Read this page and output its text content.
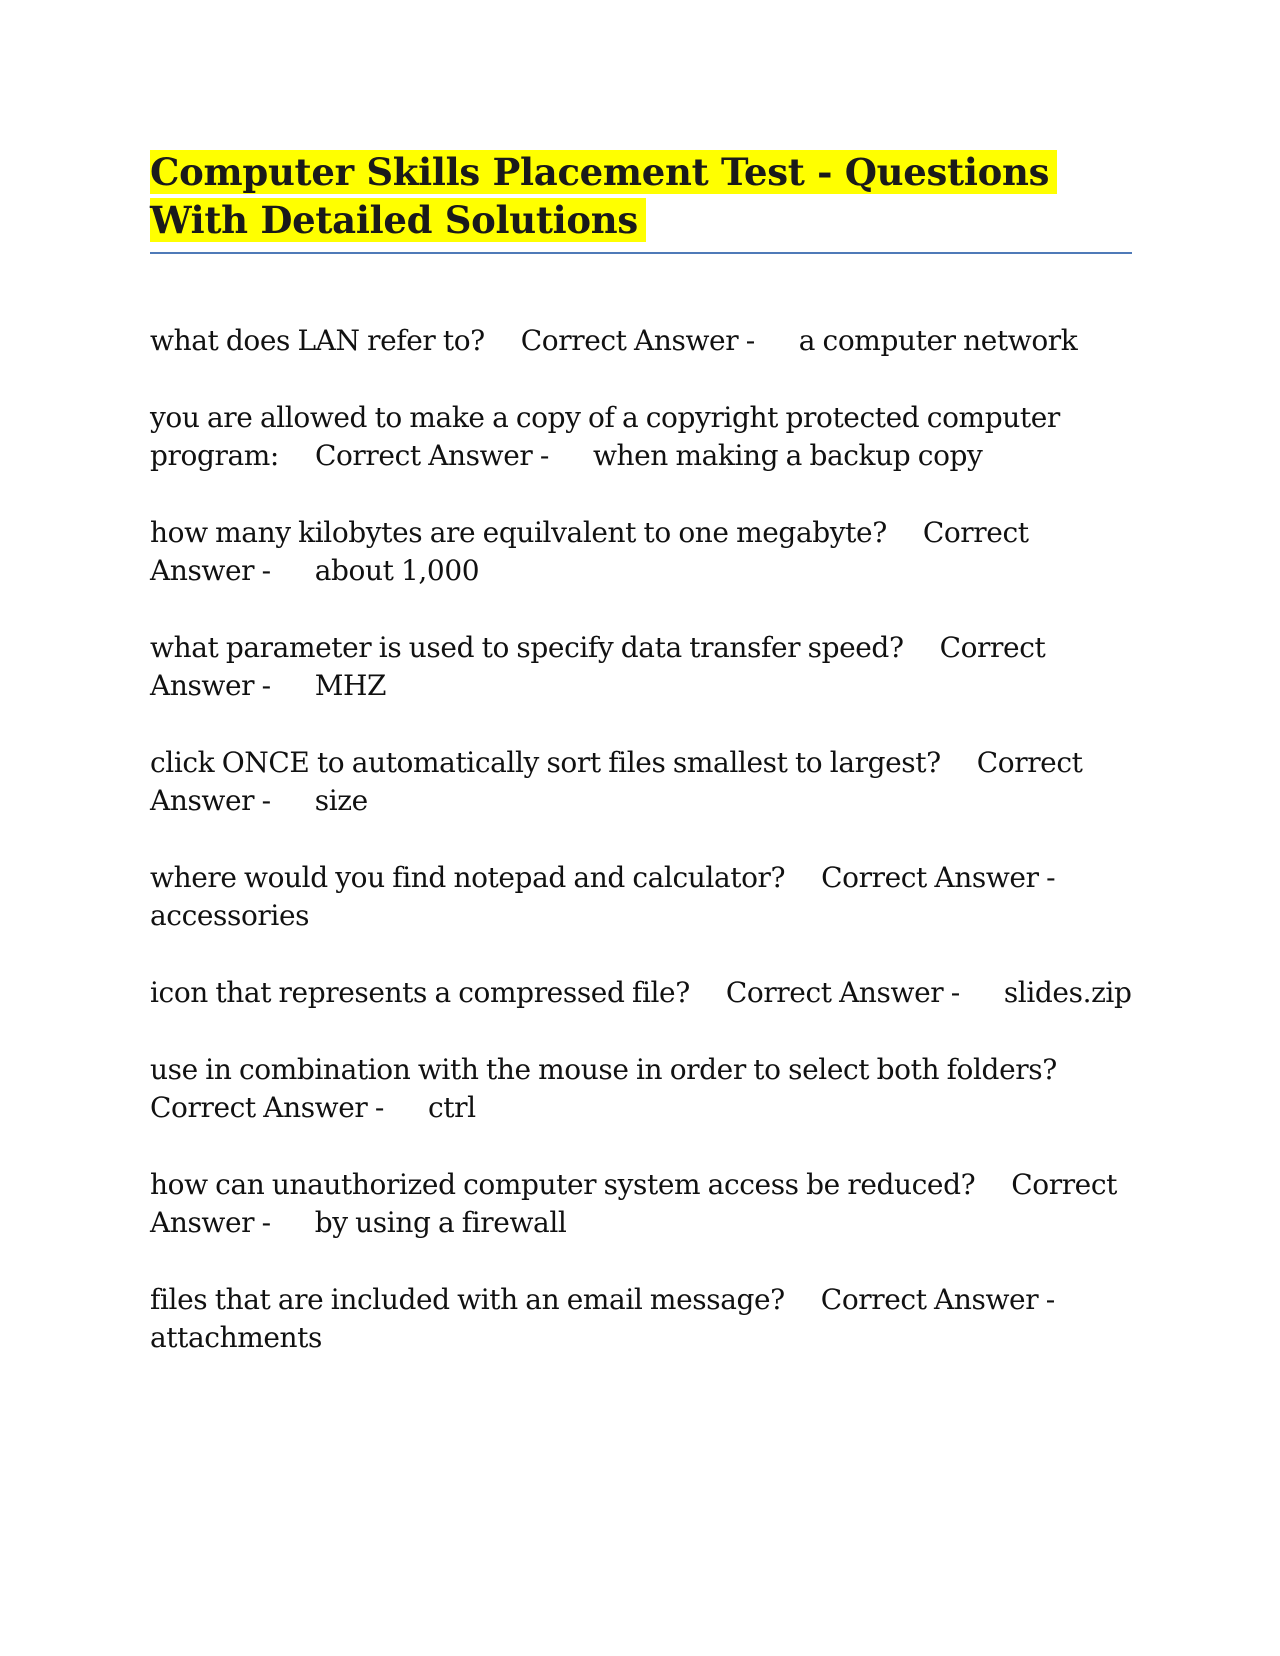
Computer Skills Placement Test - Questions With Detailed Solutions

what does LAN refer to? Correct Answer - a computer network

you are allowed to make a copy of a copyright protected computer program: Correct Answer - when making a backup copy

how many kilobytes are equilvalent to one megabyte? Correct Answer - about 1,000

what parameter is used to specify data transfer speed? Correct Answer - MHZ

click ONCE to automatically sort files smallest to largest? Correct Answer - size

where would you find notepad and calculator? Correct Answer -accessories

icon that represents a compressed file? Correct Answer - slides.zip

use in combination with the mouse in order to select both folders?Correct Answer - ctrl

how can unauthorized computer system access be reduced? Correct Answer - by using a firewall

files that are included with an email message? Correct Answer -attachments
